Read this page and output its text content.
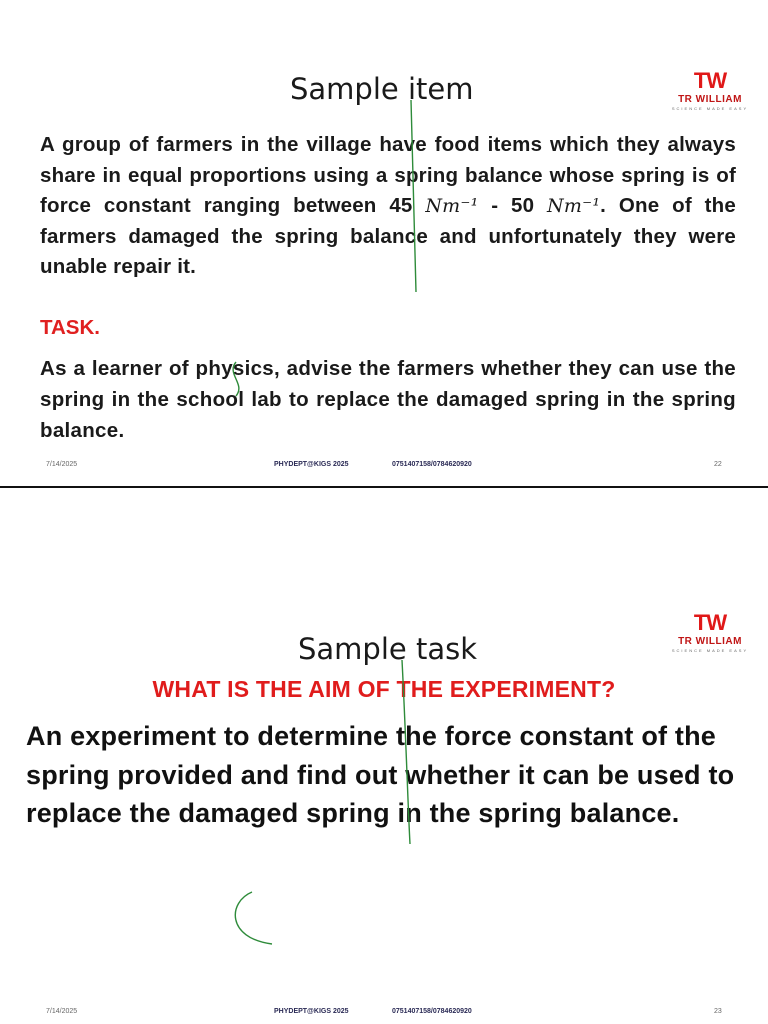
Sample item	TW
TR WILLIAM
SCIENCE MADE EASY
A group of farmers in the village have food items which they always share in equal proportions using a spring balance whose spring is of force constant ranging between 45 Nm⁻¹ - 50 Nm⁻¹. One of the farmers damaged the spring balance and unfortunately they were unable repair it.
TASK.
As a learner of physics, advise the farmers whether they can use the spring in the school lab to replace the damaged spring in the spring balance.
7/14/2025	PHYDEPT@KIGS 2025	0751407158/0784620920	22
Sample task
TW
TR WILLIAM
SCIENCE MADE EASY
WHAT IS THE AIM OF THE EXPERIMENT?
An experiment to determine the force constant of the spring provided and find out whether it can be used to replace the damaged spring in the spring balance.
7/14/2025	PHYDEPT@KIGS 2025	0751407158/0784620920	23
